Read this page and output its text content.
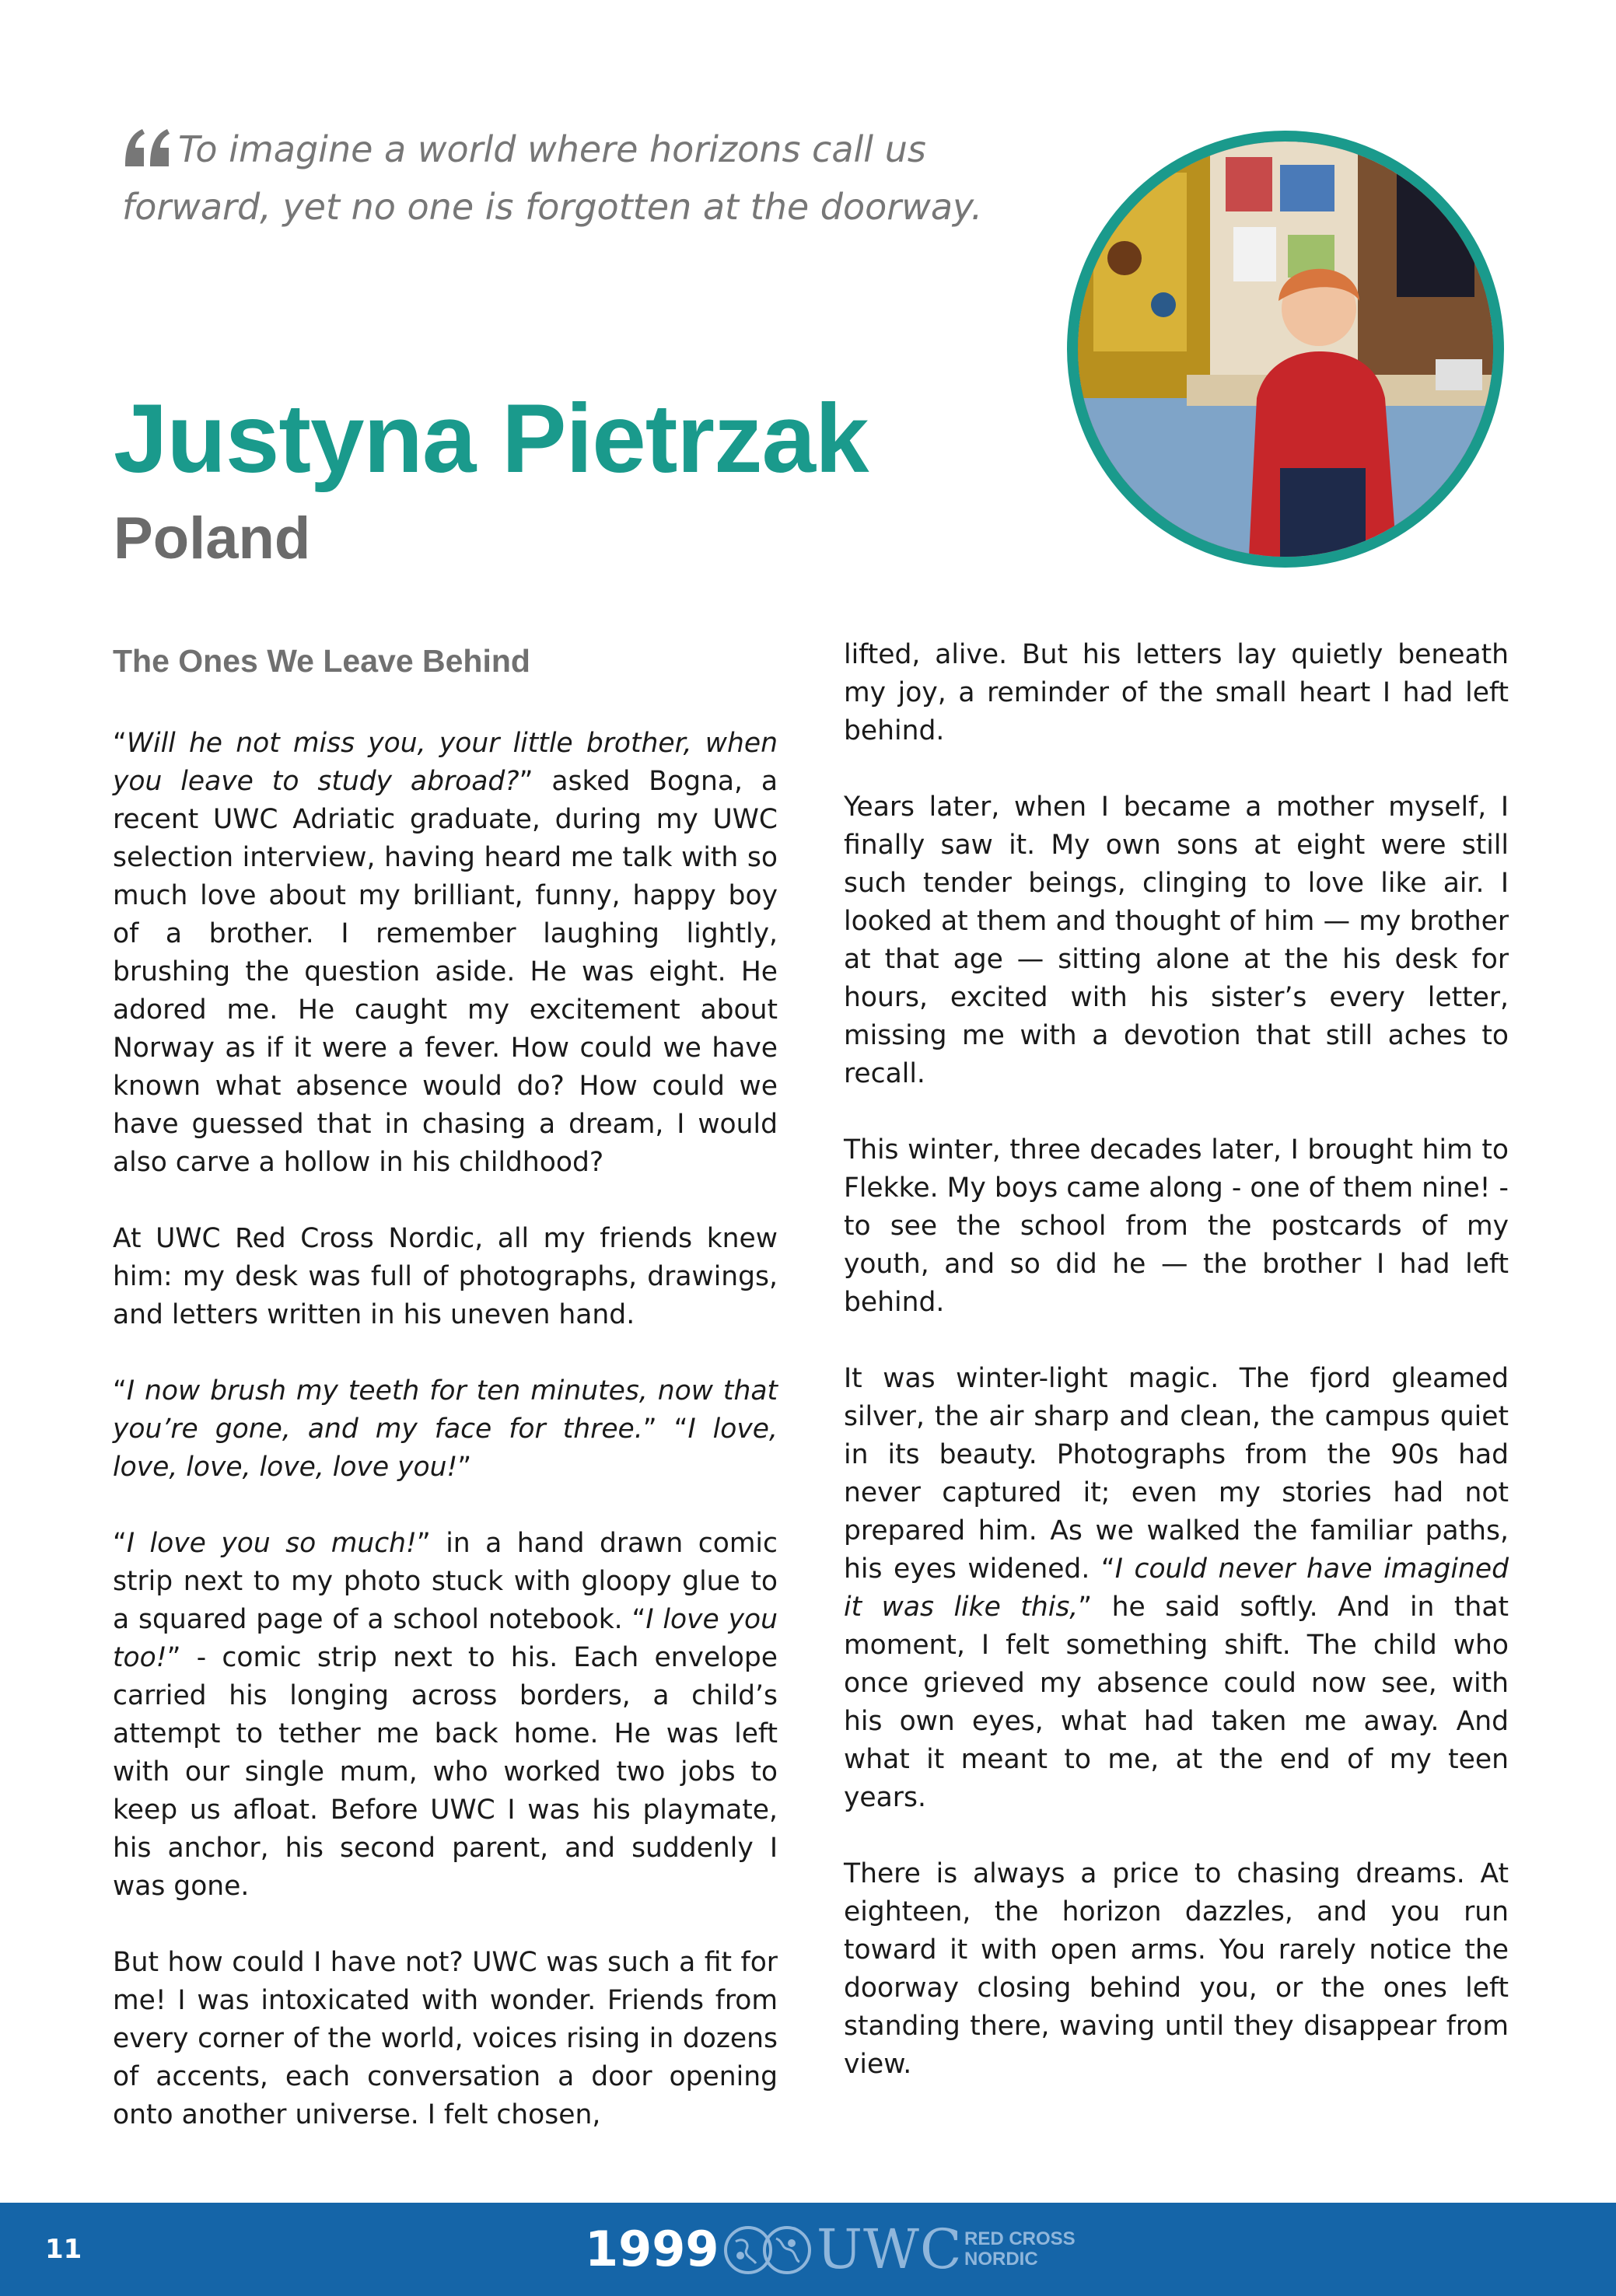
To imagine a world where horizons call us forward, yet no one is forgotten at the doorway.

Justyna Pietrzak
Poland
The Ones We Leave Behind

“Will he not miss you, your little brother, when you leave to study abroad?” asked Bogna, a recent UWC Adriatic graduate, during my UWC selection interview, having heard me talk with so much love about my brilliant, funny, happy boy of a brother. I remember laughing lightly, brushing the question aside. He was eight. He adored me. He caught my excitement about Norway as if it were a fever. How could we have known what absence would do? How could we have guessed that in chasing a dream, I would also carve a hollow in his childhood?

At UWC Red Cross Nordic, all my friends knew him: my desk was full of photographs, drawings, and letters written in his uneven hand.

“I now brush my teeth for ten minutes, now that you’re gone, and my face for three.” “I love, love, love, love, love you!”

“I love you so much!” in a hand drawn comic strip next to my photo stuck with gloopy glue to a squared page of a school notebook. “I love you too!” - comic strip next to his. Each envelope carried his longing across borders, a child’s attempt to tether me back home. He was left with our single mum, who worked two jobs to keep us afloat. Before UWC I was his playmate, his anchor, his second parent, and suddenly I was gone.

But how could I have not? UWC was such a fit for me! I was intoxicated with wonder. Friends from every corner of the world, voices rising in dozens of accents, each conversation a door opening onto another universe. I felt chosen,

lifted, alive. But his letters lay quietly beneath my joy, a reminder of the small heart I had left behind.

Years later, when I became a mother myself, I finally saw it. My own sons at eight were still such tender beings, clinging to love like air. I looked at them and thought of him — my brother at that age — sitting alone at the his desk for hours, excited with his sister’s every letter, missing me with a devotion that still aches to recall.

This winter, three decades later, I brought him to Flekke. My boys came along - one of them nine! - to see the school from the postcards of my youth, and so did he — the brother I had left behind.

It was winter-light magic. The fjord gleamed silver, the air sharp and clean, the campus quiet in its beauty. Photographs from the 90s had never captured it; even my stories had not prepared him. As we walked the familiar paths, his eyes widened. “I could never have imagined it was like this,” he said softly. And in that moment, I felt something shift. The child who once grieved my absence could now see, with his own eyes, what had taken me away. And what it meant to me, at the end of my teen years.

There is always a price to chasing dreams. At eighteen, the horizon dazzles, and you run toward it with open arms. You rarely notice the doorway closing behind you, or the ones left standing there, waving until they disappear from view.

11	1999 UWC RED CROSS
NORDIC
